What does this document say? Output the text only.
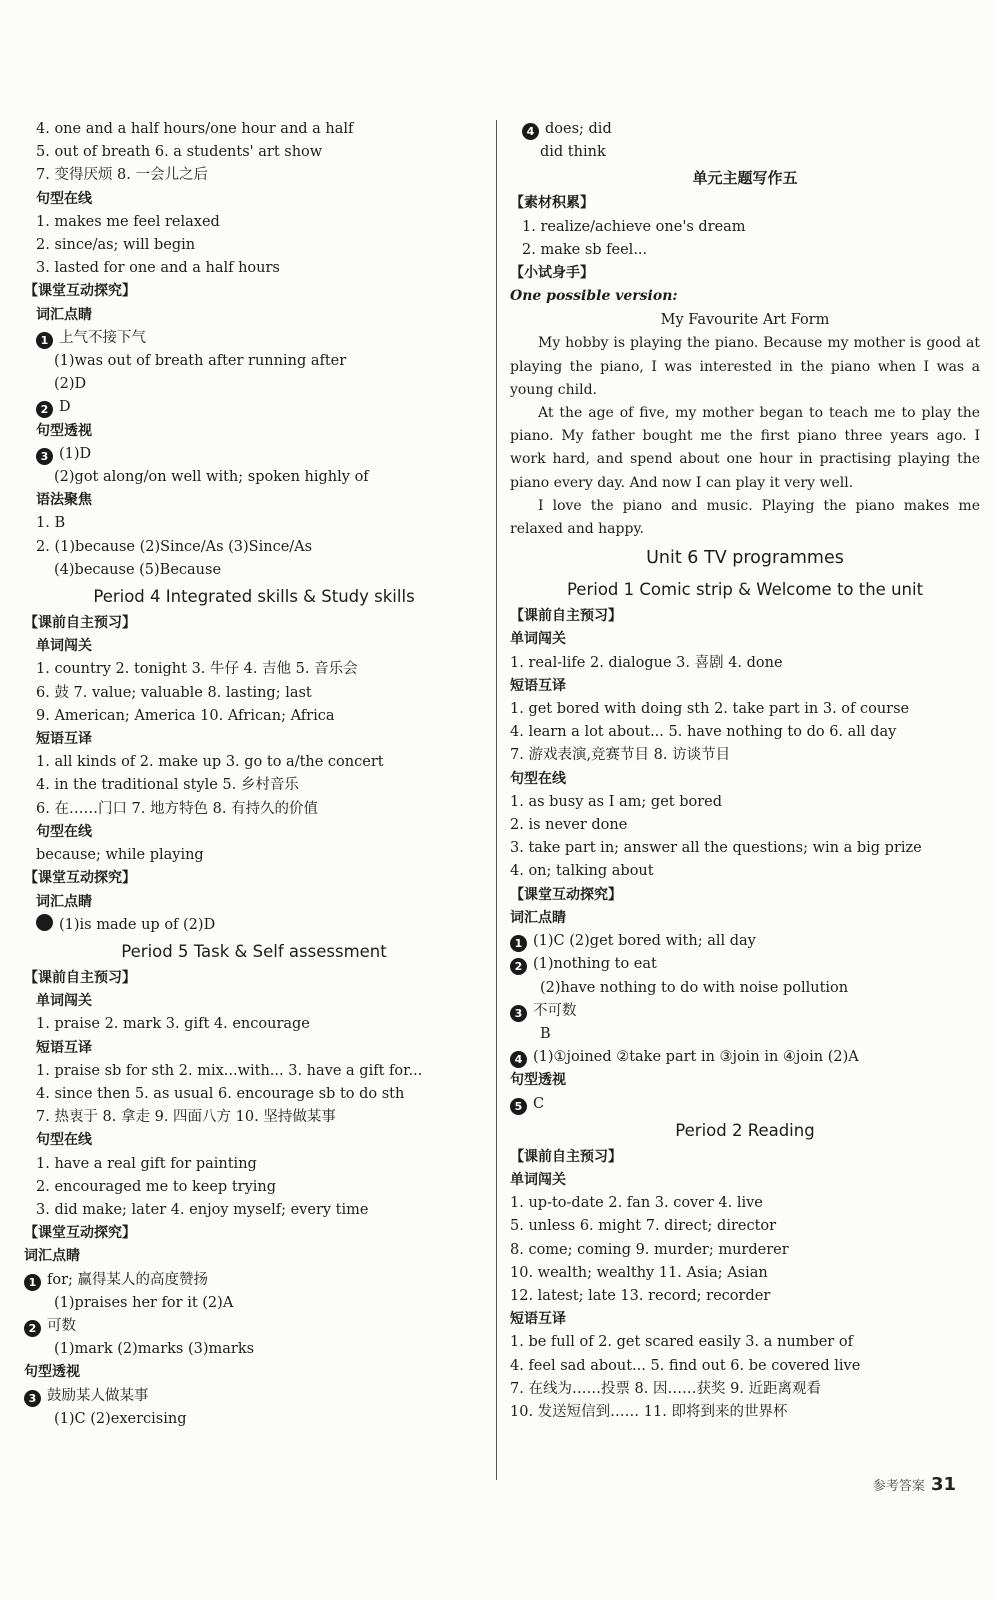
4. one and a half hours/one hour and a half
5. out of breath 6. a students' art show
7. 变得厌烦 8. 一会儿之后
句型在线
1. makes me feel relaxed
2. since/as; will begin
3. lasted for one and a half hours
【课堂互动探究】
词汇点睛
1 上气不接下气
(1)was out of breath after running after
(2)D
2 D
句型透视
3 (1)D
(2)got along/on well with; spoken highly of
语法聚焦
1. B
2. (1)because (2)Since/As (3)Since/As
(4)because (5)Because
Period 4 Integrated skills & Study skills
【课前自主预习】
单词闯关
1. country 2. tonight 3. 牛仔 4. 吉他 5. 音乐会
6. 鼓 7. value; valuable 8. lasting; last
9. American; America 10. African; Africa
短语互译
1. all kinds of 2. make up 3. go to a/the concert
4. in the traditional style 5. 乡村音乐
6. 在……门口 7. 地方特色 8. 有持久的价值
句型在线
because; while playing
【课堂互动探究】
词汇点睛
(1)is made up of (2)D
Period 5 Task & Self assessment
【课前自主预习】
单词闯关
1. praise 2. mark 3. gift 4. encourage
短语互译
1. praise sb for sth 2. mix...with... 3. have a gift for...
4. since then 5. as usual 6. encourage sb to do sth
7. 热衷于 8. 拿走 9. 四面八方 10. 坚持做某事
句型在线
1. have a real gift for painting
2. encouraged me to keep trying
3. did make; later 4. enjoy myself; every time
【课堂互动探究】
词汇点睛
1 for; 赢得某人的高度赞扬
(1)praises her for it (2)A
2 可数
(1)mark (2)marks (3)marks
句型透视
3 鼓励某人做某事
(1)C (2)exercising
4 does; did
did think
单元主题写作五
【素材积累】
1. realize/achieve one's dream
2. make sb feel...
【小试身手】
One possible version:
My Favourite Art Form
My hobby is playing the piano. Because my mother is good at playing the piano, I was interested in the piano when I was a young child.
At the age of five, my mother began to teach me to play the piano. My father bought me the first piano three years ago. I work hard, and spend about one hour in practising playing the piano every day. And now I can play it very well.
I love the piano and music. Playing the piano makes me relaxed and happy.
Unit 6 TV programmes
Period 1 Comic strip & Welcome to the unit
【课前自主预习】
单词闯关
1. real-life 2. dialogue 3. 喜剧 4. done
短语互译
1. get bored with doing sth 2. take part in 3. of course
4. learn a lot about... 5. have nothing to do 6. all day
7. 游戏表演,竞赛节目 8. 访谈节目
句型在线
1. as busy as I am; get bored
2. is never done
3. take part in; answer all the questions; win a big prize
4. on; talking about
【课堂互动探究】
词汇点睛
1 (1)C (2)get bored with; all day
2 (1)nothing to eat
(2)have nothing to do with noise pollution
3 不可数
B
4 (1)①joined ②take part in ③join in ④join (2)A
句型透视
5 C
Period 2 Reading
【课前自主预习】
单词闯关
1. up-to-date 2. fan 3. cover 4. live
5. unless 6. might 7. direct; director
8. come; coming 9. murder; murderer
10. wealth; wealthy 11. Asia; Asian
12. latest; late 13. record; recorder
短语互译
1. be full of 2. get scared easily 3. a number of
4. feel sad about... 5. find out 6. be covered live
7. 在线为……投票 8. 因……获奖 9. 近距离观看
10. 发送短信到…… 11. 即将到来的世界杯
参考答案 31
